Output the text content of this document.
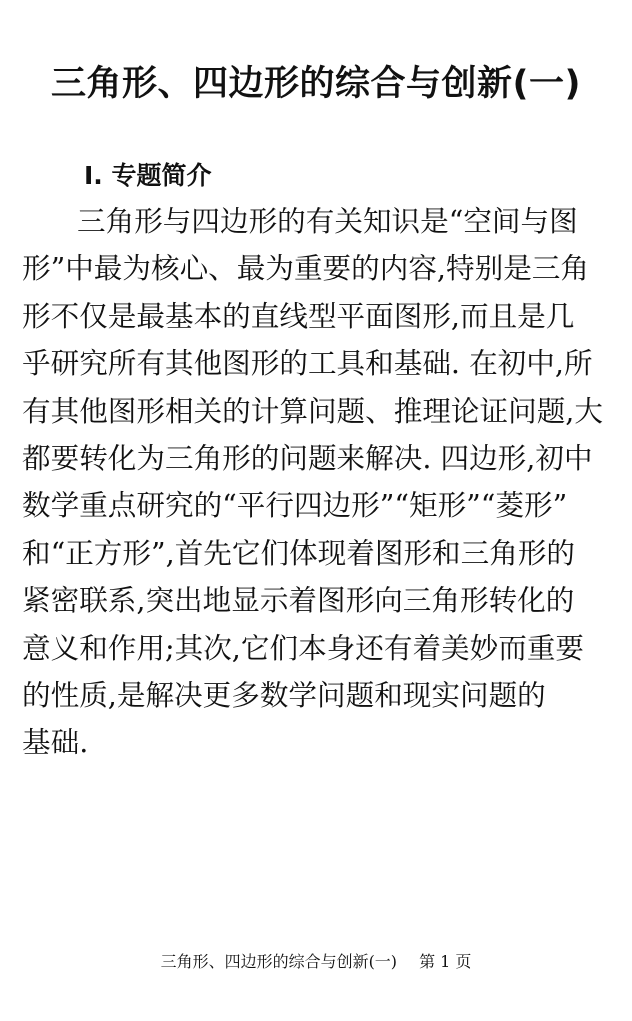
三角形、四边形的综合与创新(一)
Ⅰ. 专题简介
三角形与四边形的有关知识是“空间与图
形”中最为核心、最为重要的内容,特别是三角
形不仅是最基本的直线型平面图形,而且是几
乎研究所有其他图形的工具和基础. 在初中,所
有其他图形相关的计算问题、推理论证问题,大
都要转化为三角形的问题来解决. 四边形,初中
数学重点研究的“平行四边形”“矩形”“菱形”
和“正方形”,首先它们体现着图形和三角形的
紧密联系,突出地显示着图形向三角形转化的
意义和作用;其次,它们本身还有着美妙而重要
的性质,是解决更多数学问题和现实问题的
基础.
三角形、四边形的综合与创新(一) 第 1 页
